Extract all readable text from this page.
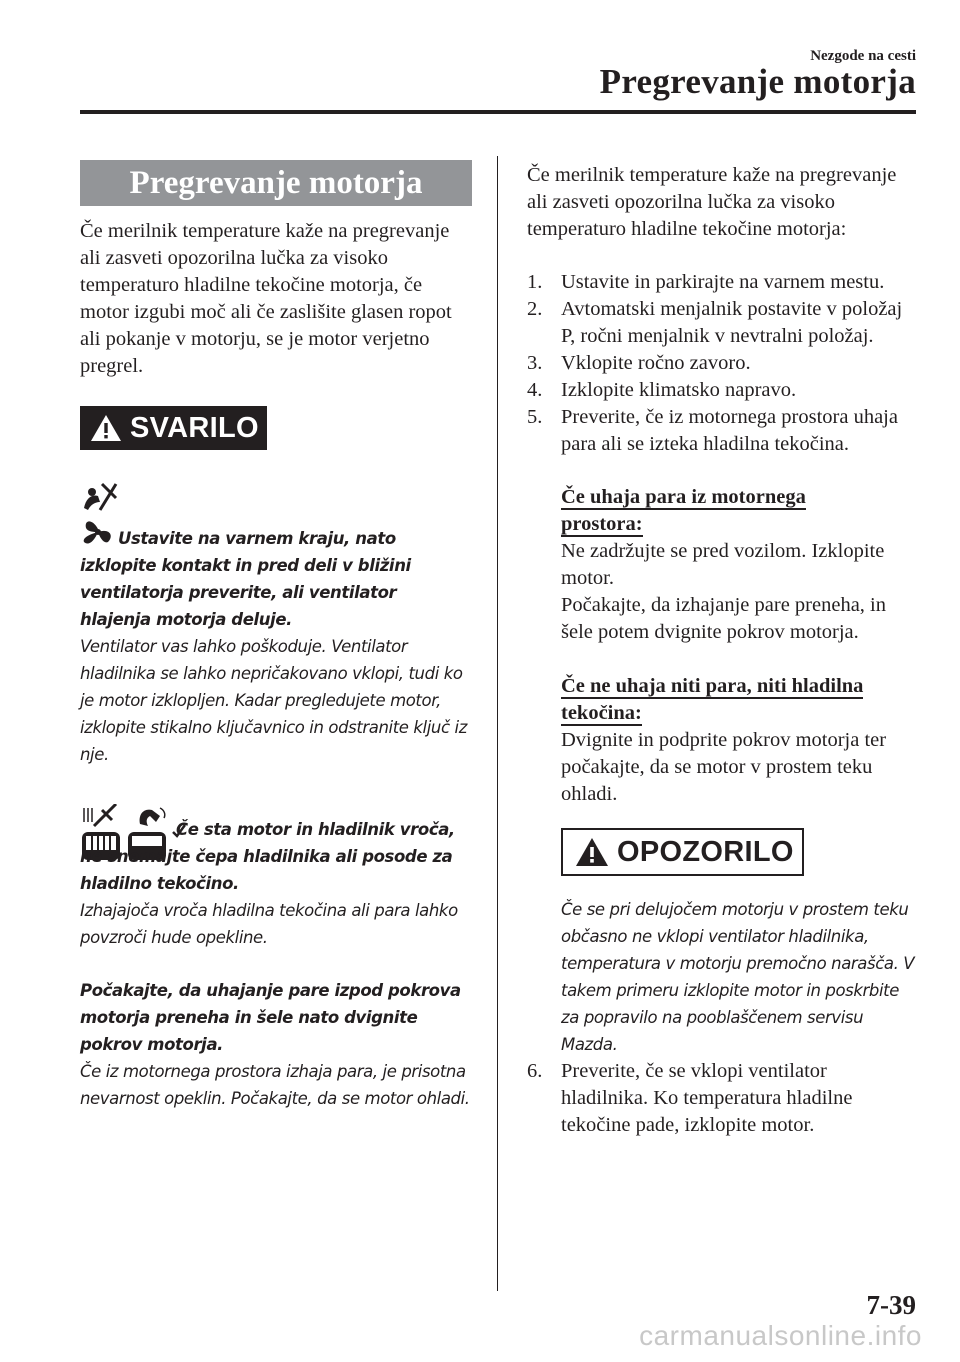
Nezgode na cesti
Pregrevanje motorja
Pregrevanje motorja

Če merilnik temperature kaže na pregrevanje ali zasveti opozorilna lučka za visoko temperaturo hladilne tekočine motorja, če motor izgubi moč ali če zaslišite glasen ropot ali pokanje v motorju, se je motor verjetno pregrel.

SVARILO
Ustavite na varnem kraju, nato izklopite kontakt in pred deli v bližini ventilatorja preverite, ali ventilator hlajenja motorja deluje.
Ventilator vas lahko poškoduje. Ventilator hladilnika se lahko nepričakovano vklopi, tudi ko je motor izklopljen. Kadar pregledujete motor, izklopite stikalno ključavnico in odstranite ključ iz nje.
Če sta motor in hladilnik vroča, ne snemajte čepa hladilnika ali posode za hladilno tekočino.
Izhajajoča vroča hladilna tekočina ali para lahko povzroči hude opekline.
Počakajte, da uhajanje pare izpod pokrova motorja preneha in šele nato dvignite pokrov motorja.
Če iz motornega prostora izhaja para, je prisotna nevarnost opeklin. Počakajte, da se motor ohladi.

Če merilnik temperature kaže na pregrevanje ali zasveti opozorilna lučka za visoko temperaturo hladilne tekočine motorja:

1. Ustavite in parkirajte na varnem mestu.
2. Avtomatski menjalnik postavite v položaj P, ročni menjalnik v nevtralni položaj.
3. Vklopite ročno zavoro.
4. Izklopite klimatsko napravo.
5. Preverite, če iz motornega prostora uhaja para ali se izteka hladilna tekočina.
Če uhaja para iz motornega prostora:
Ne zadržujte se pred vozilom. Izklopite motor.
Počakajte, da izhajanje pare preneha, in šele potem dvignite pokrov motorja.
Če ne uhaja niti para, niti hladilna tekočina:
Dvignite in podprite pokrov motorja ter počakajte, da se motor v prostem teku ohladi.
OPOZORILO
Če se pri delujočem motorju v prostem teku občasno ne vklopi ventilator hladilnika, temperatura v motorju premočno narašča. V takem primeru izklopite motor in poskrbite za popravilo na pooblaščenem servisu Mazda.
6. Preverite, če se vklopi ventilator hladilnika. Ko temperatura hladilne tekočine pade, izklopite motor.
7-39
carmanualsonline.info
